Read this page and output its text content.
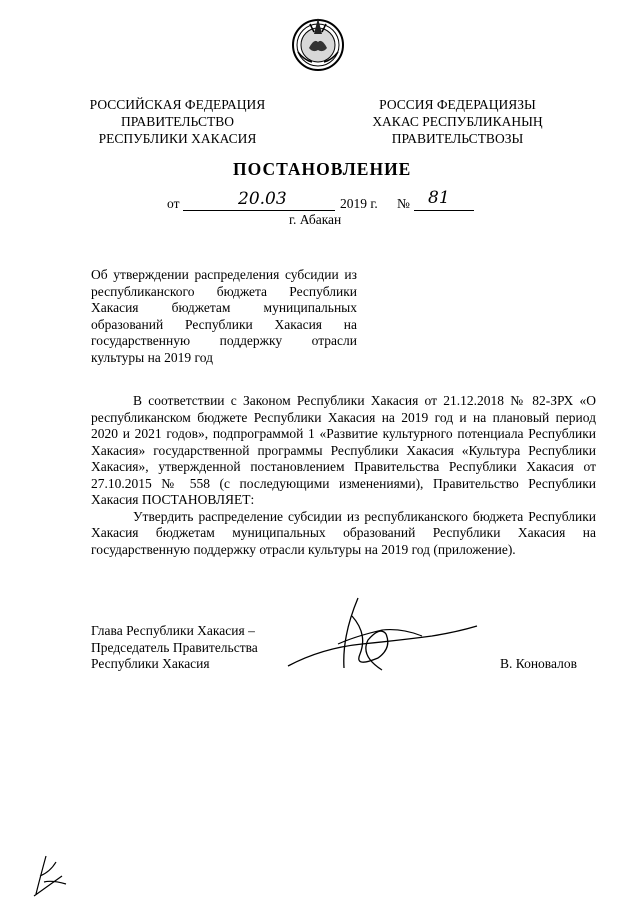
РОССИЙСКАЯ ФЕДЕРАЦИЯ
ПРАВИТЕЛЬСТВО
РЕСПУБЛИКИ ХАКАСИЯ
РОССИЯ ФЕДЕРАЦИЯЗЫ
ХАКАС РЕСПУБЛИКАНЫҢ
ПРАВИТЕЛЬСТВОЗЫ
ПОСТАНОВЛЕНИЕ
от	20.03	2019 г. № 81
г. Абакан
Об утверждении распределения субсидии из
республиканского бюджета Республики
Хакасия бюджетам муниципальных
образований Республики Хакасия на
государственную поддержку отрасли
культуры на 2019 год

В соответствии с Законом Республики Хакасия от 21.12.2018 № 82-ЗРХ «О республиканском бюджете Республики Хакасия на 2019 год и на плановый период 2020 и 2021 годов», подпрограммой 1 «Развитие культурного потенциала Республики Хакасия» государственной программы Республики Хакасия «Культура Республики Хакасия», утвержденной постановлением Правительства Республики Хакасия от 27.10.2015 № 558 (с последующими изменениями), Правительство Республики Хакасия ПОСТАНОВЛЯЕТ:

Утвердить распределение субсидии из республиканского бюджета Республики Хакасия бюджетам муниципальных образований Республики Хакасия на государственную поддержку отрасли культуры на 2019 год (приложение).

Глава Республики Хакасия –
Председатель Правительства
Республики Хакасия	В. Коновалов
